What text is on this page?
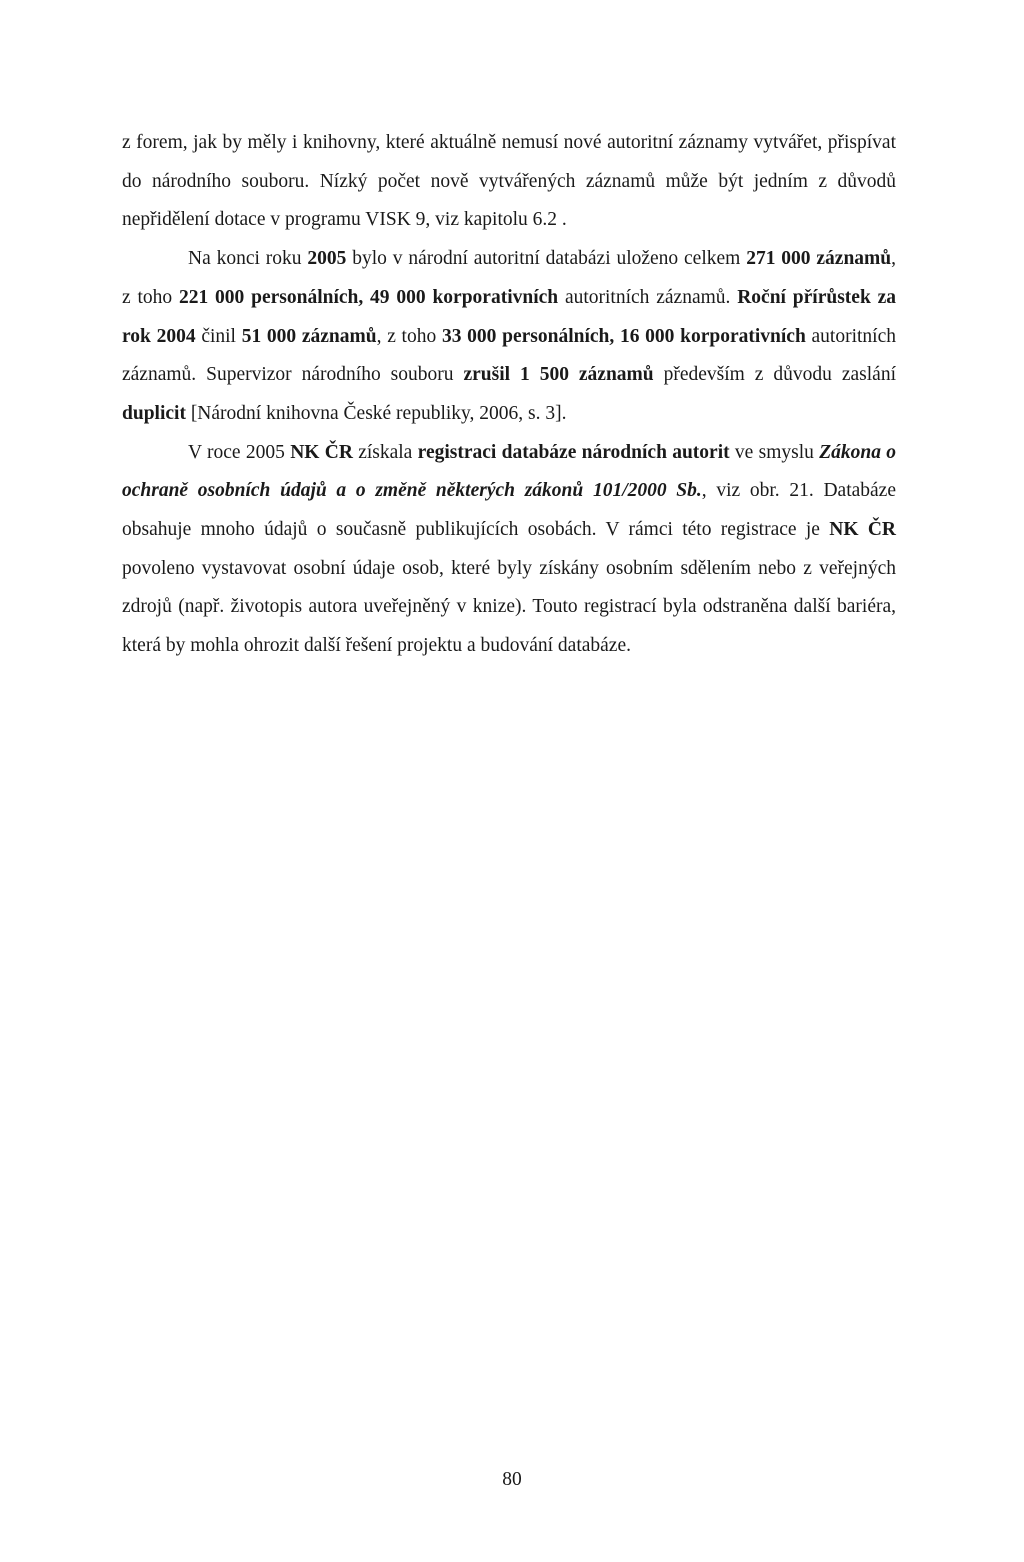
z forem, jak by měly i knihovny, které aktuálně nemusí nové autoritní záznamy vytvářet, přispívat do národního souboru. Nízký počet nově vytvářených záznamů může být jedním z důvodů nepřidělení dotace v programu VISK 9, viz kapitolu 6.2 .

Na konci roku 2005 bylo v národní autoritní databázi uloženo celkem 271 000 záznamů, z toho 221 000 personálních, 49 000 korporativních autoritních záznamů. Roční přírůstek za rok 2004 činil 51 000 záznamů, z toho 33 000 personálních, 16 000 korporativních autoritních záznamů. Supervizor národního souboru zrušil 1 500 záznamů především z důvodu zaslání duplicit [Národní knihovna České republiky, 2006, s. 3].

V roce 2005 NK ČR získala registraci databáze národních autorit ve smyslu Zákona o ochraně osobních údajů a o změně některých zákonů 101/2000 Sb., viz obr. 21. Databáze obsahuje mnoho údajů o současně publikujících osobách. V rámci této registrace je NK ČR povoleno vystavovat osobní údaje osob, které byly získány osobním sdělením nebo z veřejných zdrojů (např. životopis autora uveřejněný v knize). Touto registrací byla odstraněna další bariéra, která by mohla ohrozit další řešení projektu a budování databáze.

80
